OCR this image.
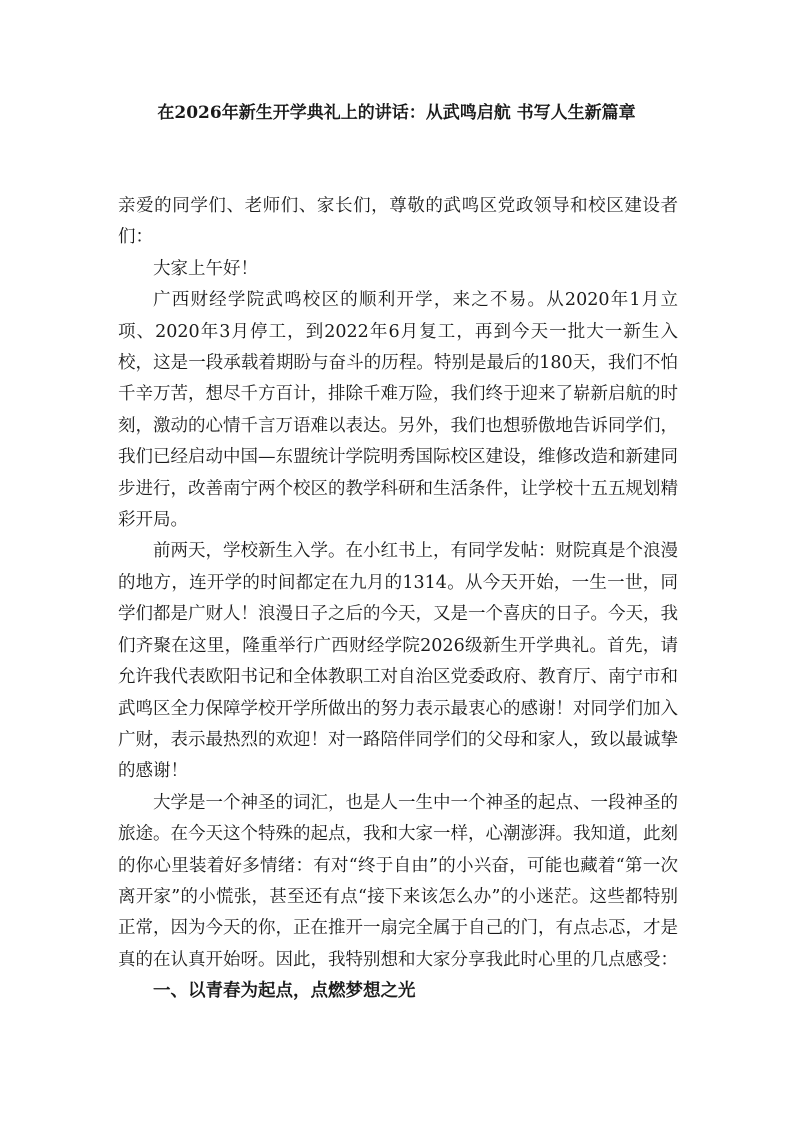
在2026年新生开学典礼上的讲话：从武鸣启航 书写人生新篇章

亲爱的同学们、老师们、家长们，尊敬的武鸣区党政领导和校区建设者们：

大家上午好！

广西财经学院武鸣校区的顺利开学，来之不易。从2020年1月立项、2020年3月停工，到2022年6月复工，再到今天一批大一新生入校，这是一段承载着期盼与奋斗的历程。特别是最后的180天，我们不怕千辛万苦，想尽千方百计，排除千难万险，我们终于迎来了崭新启航的时刻，激动的心情千言万语难以表达。另外，我们也想骄傲地告诉同学们，我们已经启动中国—东盟统计学院明秀国际校区建设，维修改造和新建同步进行，改善南宁两个校区的教学科研和生活条件，让学校十五五规划精彩开局。

前两天，学校新生入学。在小红书上，有同学发帖：财院真是个浪漫的地方，连开学的时间都定在九月的1314。从今天开始，一生一世，同学们都是广财人！浪漫日子之后的今天，又是一个喜庆的日子。今天，我们齐聚在这里，隆重举行广西财经学院2026级新生开学典礼。首先，请允许我代表欧阳书记和全体教职工对自治区党委政府、教育厅、南宁市和武鸣区全力保障学校开学所做出的努力表示最衷心的感谢！对同学们加入广财，表示最热烈的欢迎！对一路陪伴同学们的父母和家人，致以最诚挚的感谢！

大学是一个神圣的词汇，也是人一生中一个神圣的起点、一段神圣的旅途。在今天这个特殊的起点，我和大家一样，心潮澎湃。我知道，此刻的你心里装着好多情绪：有对“终于自由”的小兴奋，可能也藏着“第一次离开家”的小慌张，甚至还有点“接下来该怎么办”的小迷茫。这些都特别正常，因为今天的你，正在推开一扇完全属于自己的门，有点忐忑，才是真的在认真开始呀。因此，我特别想和大家分享我此时心里的几点感受：

一、以青春为起点，点燃梦想之光
